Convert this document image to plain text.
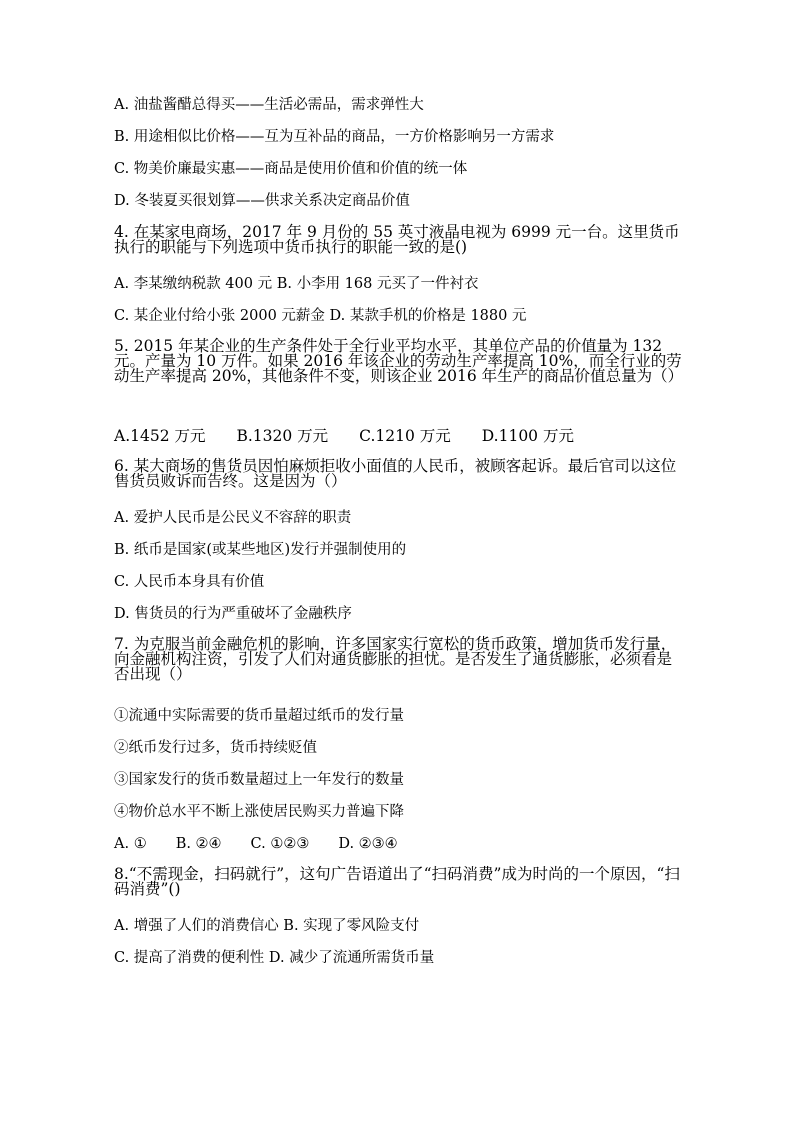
A. 油盐酱醋总得买——生活必需品，需求弹性大
B. 用途相似比价格——互为互补品的商品，一方价格影响另一方需求
C. 物美价廉最实惠——商品是使用价值和价值的统一体
D. 冬装夏买很划算——供求关系决定商品价值
4. 在某家电商场，2017 年 9 月份的 55 英寸液晶电视为 6999 元一台。这里货币执行的职能与下列选项中货币执行的职能一致的是()
A. 李某缴纳税款 400 元 B. 小李用 168 元买了一件衬衣
C. 某企业付给小张 2000 元薪金 D. 某款手机的价格是 1880 元
5. 2015 年某企业的生产条件处于全行业平均水平，其单位产品的价值量为 132 元。产量为 10 万件。如果 2016 年该企业的劳动生产率提高 10%，而全行业的劳动生产率提高 20%，其他条件不变，则该企业 2016 年生产的商品价值总量为（）
A.1452 万元　　B.1320 万元　　C.1210 万元　　D.1100 万元
6. 某大商场的售货员因怕麻烦拒收小面值的人民币，被顾客起诉。最后官司以这位售货员败诉而告终。这是因为（）
A. 爱护人民币是公民义不容辞的职责
B. 纸币是国家(或某些地区)发行并强制使用的
C. 人民币本身具有价值
D. 售货员的行为严重破坏了金融秩序
7. 为克服当前金融危机的影响，许多国家实行宽松的货币政策，增加货币发行量，向金融机构注资，引发了人们对通货膨胀的担忧。是否发生了通货膨胀，必须看是否出现（）
①流通中实际需要的货币量超过纸币的发行量
②纸币发行过多，货币持续贬值
③国家发行的货币数量超过上一年发行的数量
④物价总水平不断上涨使居民购买力普遍下降
A. ①　　B. ②④　　C. ①②③　　D. ②③④
8.“不需现金，扫码就行”，这句广告语道出了“扫码消费”成为时尚的一个原因，“扫码消费”()
A. 增强了人们的消费信心 B. 实现了零风险支付
C. 提高了消费的便利性 D. 减少了流通所需货币量
